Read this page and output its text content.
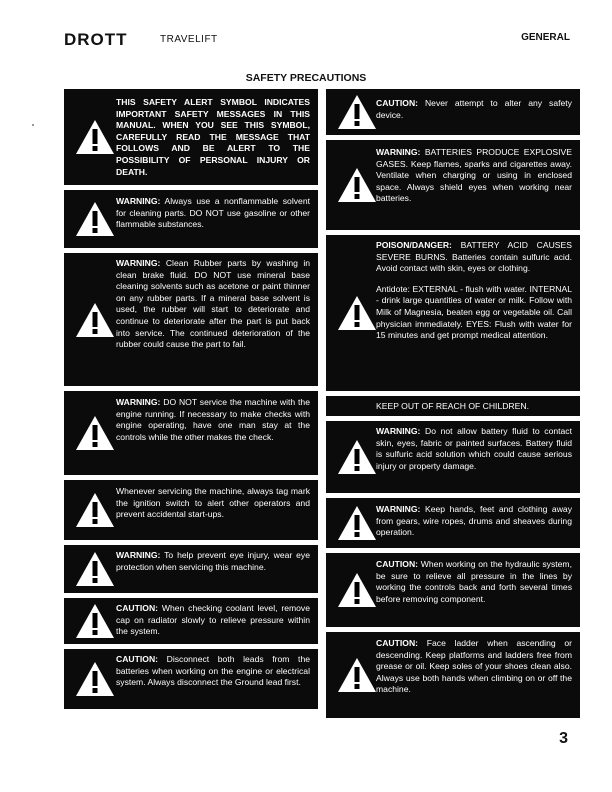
DROTT	TRAVELIFT	GENERAL
SAFETY PRECAUTIONS
THIS SAFETY ALERT SYMBOL INDICATES IMPORTANT SAFETY MESSAGES IN THIS MANUAL. WHEN YOU SEE THIS SYMBOL, CAREFULLY READ THE MESSAGE THAT FOLLOWS AND BE ALERT TO THE POSSIBILITY OF PERSONAL INJURY OR DEATH.
WARNING: Always use a nonflammable solvent for cleaning parts. DO NOT use gasoline or other flammable substances.
WARNING: Clean Rubber parts by washing in clean brake fluid. DO NOT use mineral base cleaning solvents such as acetone or paint thinner on any rubber parts. If a mineral base solvent is used, the rubber will start to deteriorate and continue to deteriorate after the part is put back into service. The continued deterioration of the rubber could cause the part to fail.
WARNING: DO NOT service the machine with the engine running. If necessary to make checks with engine operating, have one man stay at the controls while the other makes the check.
Whenever servicing the machine, always tag mark the ignition switch to alert other operators and prevent accidental start-ups.
WARNING: To help prevent eye injury, wear eye protection when servicing this machine.
CAUTION: When checking coolant level, remove cap on radiator slowly to relieve pressure within the system.
CAUTION: Disconnect both leads from the batteries when working on the engine or electrical system. Always disconnect the Ground lead first.
CAUTION: Never attempt to alter any safety device.
WARNING: BATTERIES PRODUCE EXPLOSIVE GASES. Keep flames, sparks and cigarettes away. Ventilate when charging or using in enclosed space. Always shield eyes when working near batteries.
POISON/DANGER: BATTERY ACID CAUSES SEVERE BURNS. Batteries contain sulfuric acid. Avoid contact with skin, eyes or clothing.
Antidote: EXTERNAL - flush with water. INTERNAL - drink large quantities of water or milk. Follow with Milk of Magnesia, beaten egg or vegetable oil. Call physician immediately. EYES: Flush with water for 15 minutes and get prompt medical attention.
KEEP OUT OF REACH OF CHILDREN.
WARNING: Do not allow battery fluid to contact skin, eyes, fabric or painted surfaces. Battery fluid is sulfuric acid solution which could cause serious injury or property damage.
WARNING: Keep hands, feet and clothing away from gears, wire ropes, drums and sheaves during operation.
CAUTION: When working on the hydraulic system, be sure to relieve all pressure in the lines by working the controls back and forth several times before removing component.
CAUTION: Face ladder when ascending or descending. Keep platforms and ladders free from grease or oil. Keep soles of your shoes clean also. Always use both hands when climbing on or off the machine.
3
